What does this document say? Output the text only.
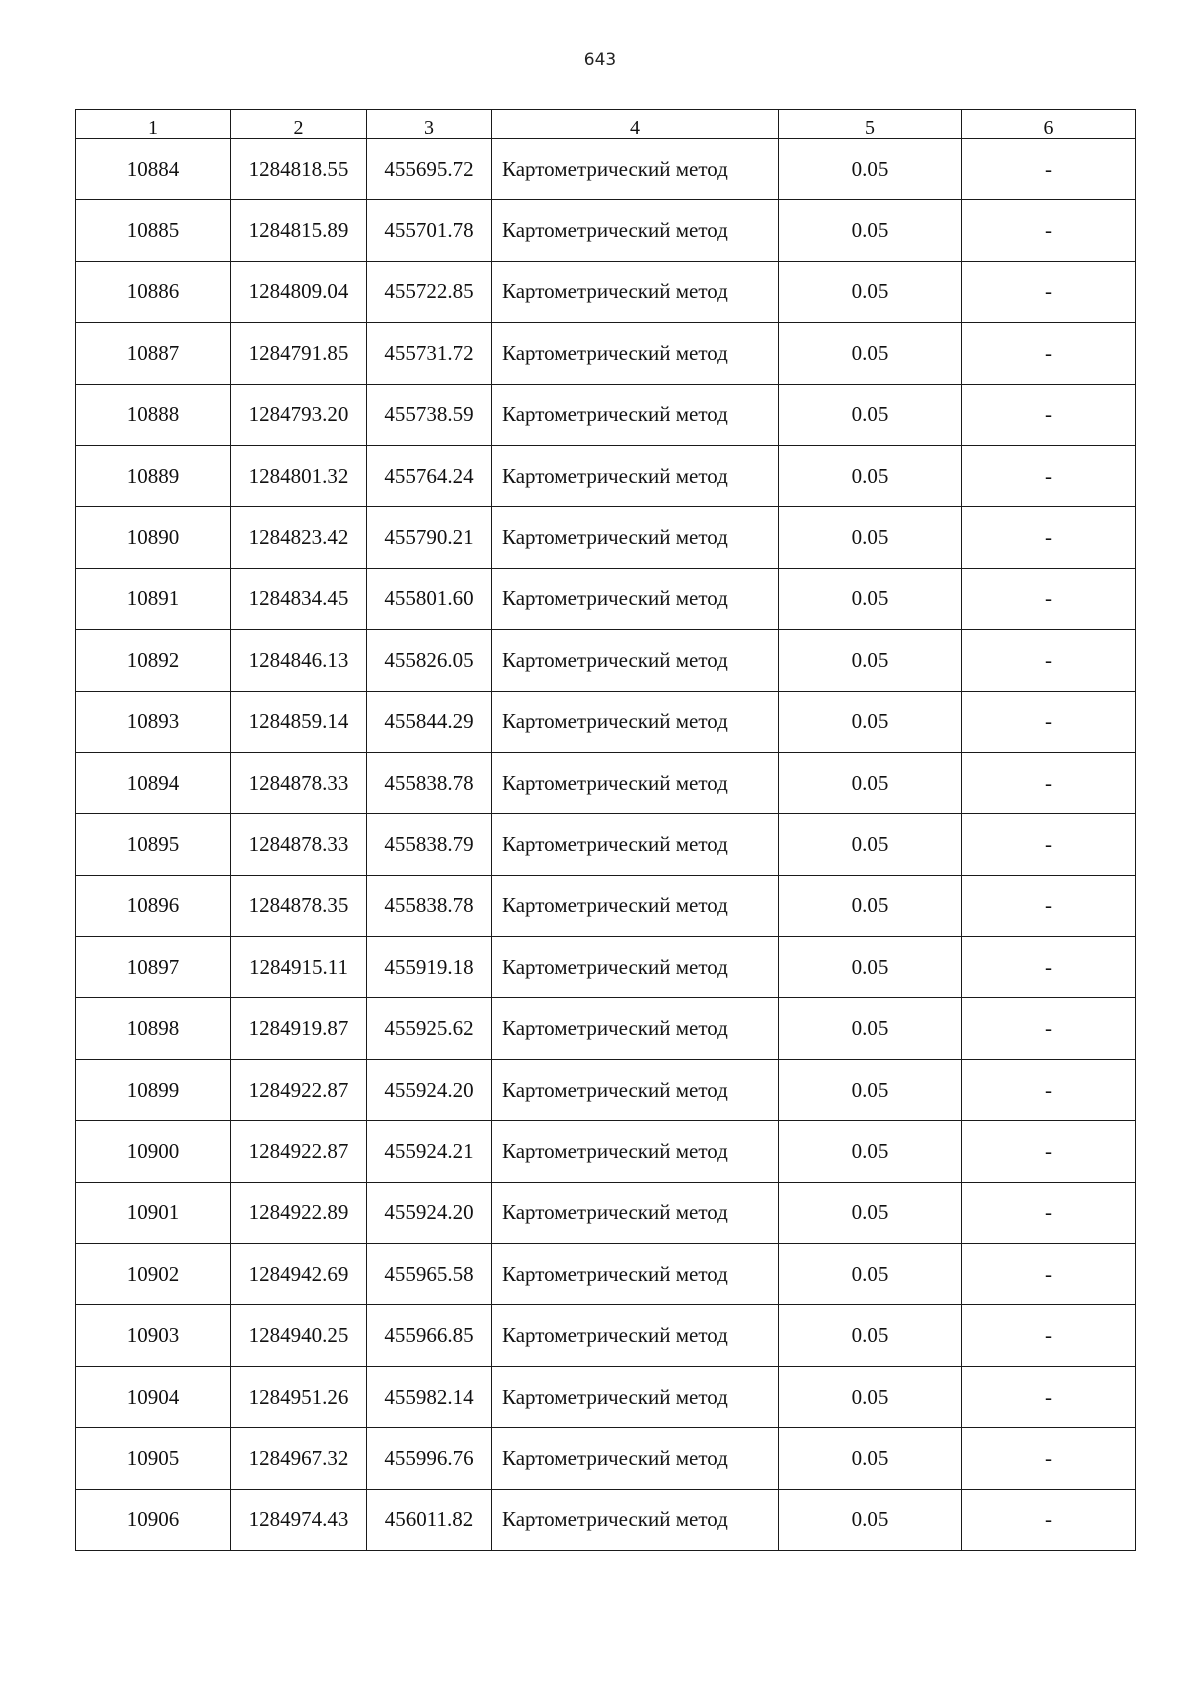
643
1	2	3	4	5	6
10884	1284818.55	455695.72	Картометрический метод	0.05	-
10885	1284815.89	455701.78	Картометрический метод	0.05	-
10886	1284809.04	455722.85	Картометрический метод	0.05	-
10887	1284791.85	455731.72	Картометрический метод	0.05	-
10888	1284793.20	455738.59	Картометрический метод	0.05	-
10889	1284801.32	455764.24	Картометрический метод	0.05	-
10890	1284823.42	455790.21	Картометрический метод	0.05	-
10891	1284834.45	455801.60	Картометрический метод	0.05	-
10892	1284846.13	455826.05	Картометрический метод	0.05	-
10893	1284859.14	455844.29	Картометрический метод	0.05	-
10894	1284878.33	455838.78	Картометрический метод	0.05	-
10895	1284878.33	455838.79	Картометрический метод	0.05	-
10896	1284878.35	455838.78	Картометрический метод	0.05	-
10897	1284915.11	455919.18	Картометрический метод	0.05	-
10898	1284919.87	455925.62	Картометрический метод	0.05	-
10899	1284922.87	455924.20	Картометрический метод	0.05	-
10900	1284922.87	455924.21	Картометрический метод	0.05	-
10901	1284922.89	455924.20	Картометрический метод	0.05	-
10902	1284942.69	455965.58	Картометрический метод	0.05	-
10903	1284940.25	455966.85	Картометрический метод	0.05	-
10904	1284951.26	455982.14	Картометрический метод	0.05	-
10905	1284967.32	455996.76	Картометрический метод	0.05	-
10906	1284974.43	456011.82	Картометрический метод	0.05	-
